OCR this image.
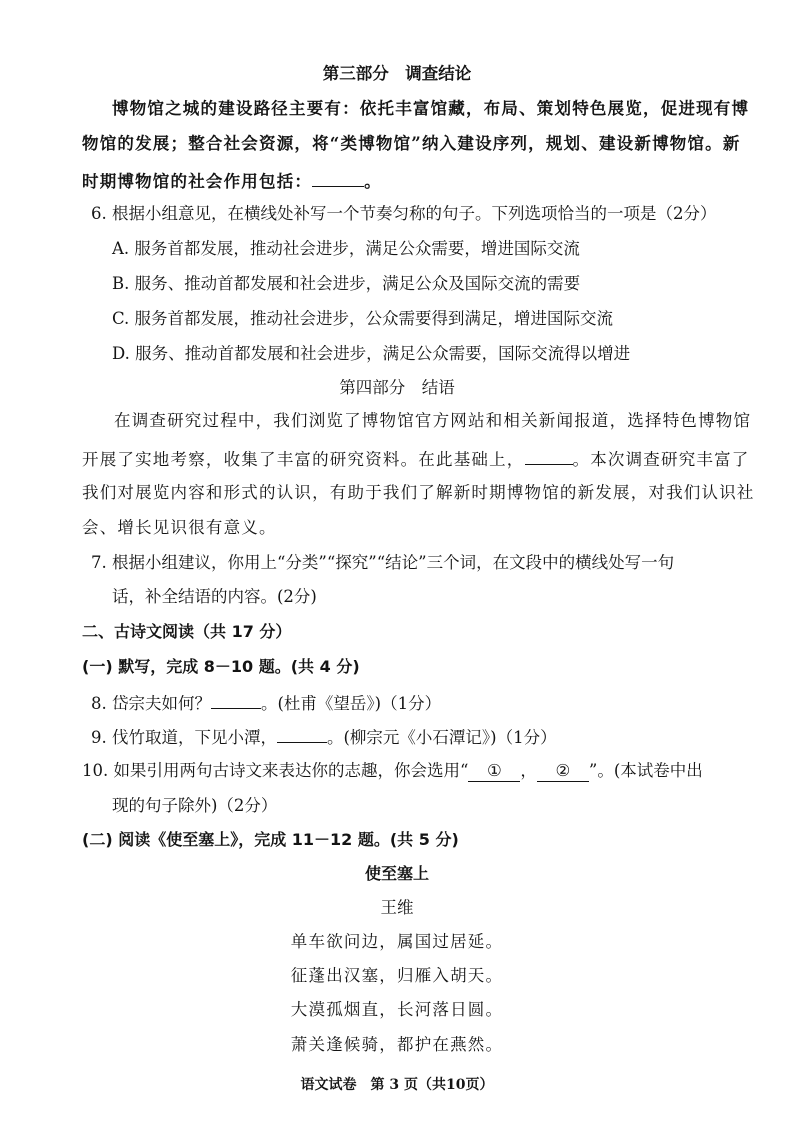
第三部分　调查结论
博物馆之城的建设路径主要有：依托丰富馆藏，布局、策划特色展览，促进现有博
物馆的发展；整合社会资源，将“类博物馆”纳入建设序列，规划、建设新博物馆。新
时期博物馆的社会作用包括：	。
6. 根据小组意见，在横线处补写一个节奏匀称的句子。下列选项恰当的一项是（2分）
A. 服务首都发展，推动社会进步，满足公众需要，增进国际交流
B. 服务、推动首都发展和社会进步，满足公众及国际交流的需要
C. 服务首都发展，推动社会进步，公众需要得到满足，增进国际交流
D. 服务、推动首都发展和社会进步，满足公众需要，国际交流得以增进
第四部分　结语
在调查研究过程中，我们浏览了博物馆官方网站和相关新闻报道，选择特色博物馆
开展了实地考察，收集了丰富的研究资料。在此基础上，	。本次调查研究丰富了
我们对展览内容和形式的认识，有助于我们了解新时期博物馆的新发展，对我们认识社
会、增长见识很有意义。
7. 根据小组建议，你用上“分类”“探究”“结论”三个词，在文段中的横线处写一句
话，补全结语的内容。(2分)
二、古诗文阅读（共 17 分）
(一) 默写，完成 8－10 题。(共 4 分)
8. 岱宗夫如何？	。(杜甫《望岳》)（1分）
9. 伐竹取道，下见小潭，	。(柳宗元《小石潭记》)（1分）
10. 如果引用两句古诗文来表达你的志趣，你会选用“ ① ， ② ”。(本试卷中出
现的句子除外)（2分）
(二) 阅读《使至塞上》，完成 11－12 题。(共 5 分)
使至塞上
王维
单车欲问边，属国过居延。
征蓬出汉塞，归雁入胡天。
大漠孤烟直，长河落日圆。
萧关逢候骑，都护在燕然。
语文试卷　第 3 页（共10页）
